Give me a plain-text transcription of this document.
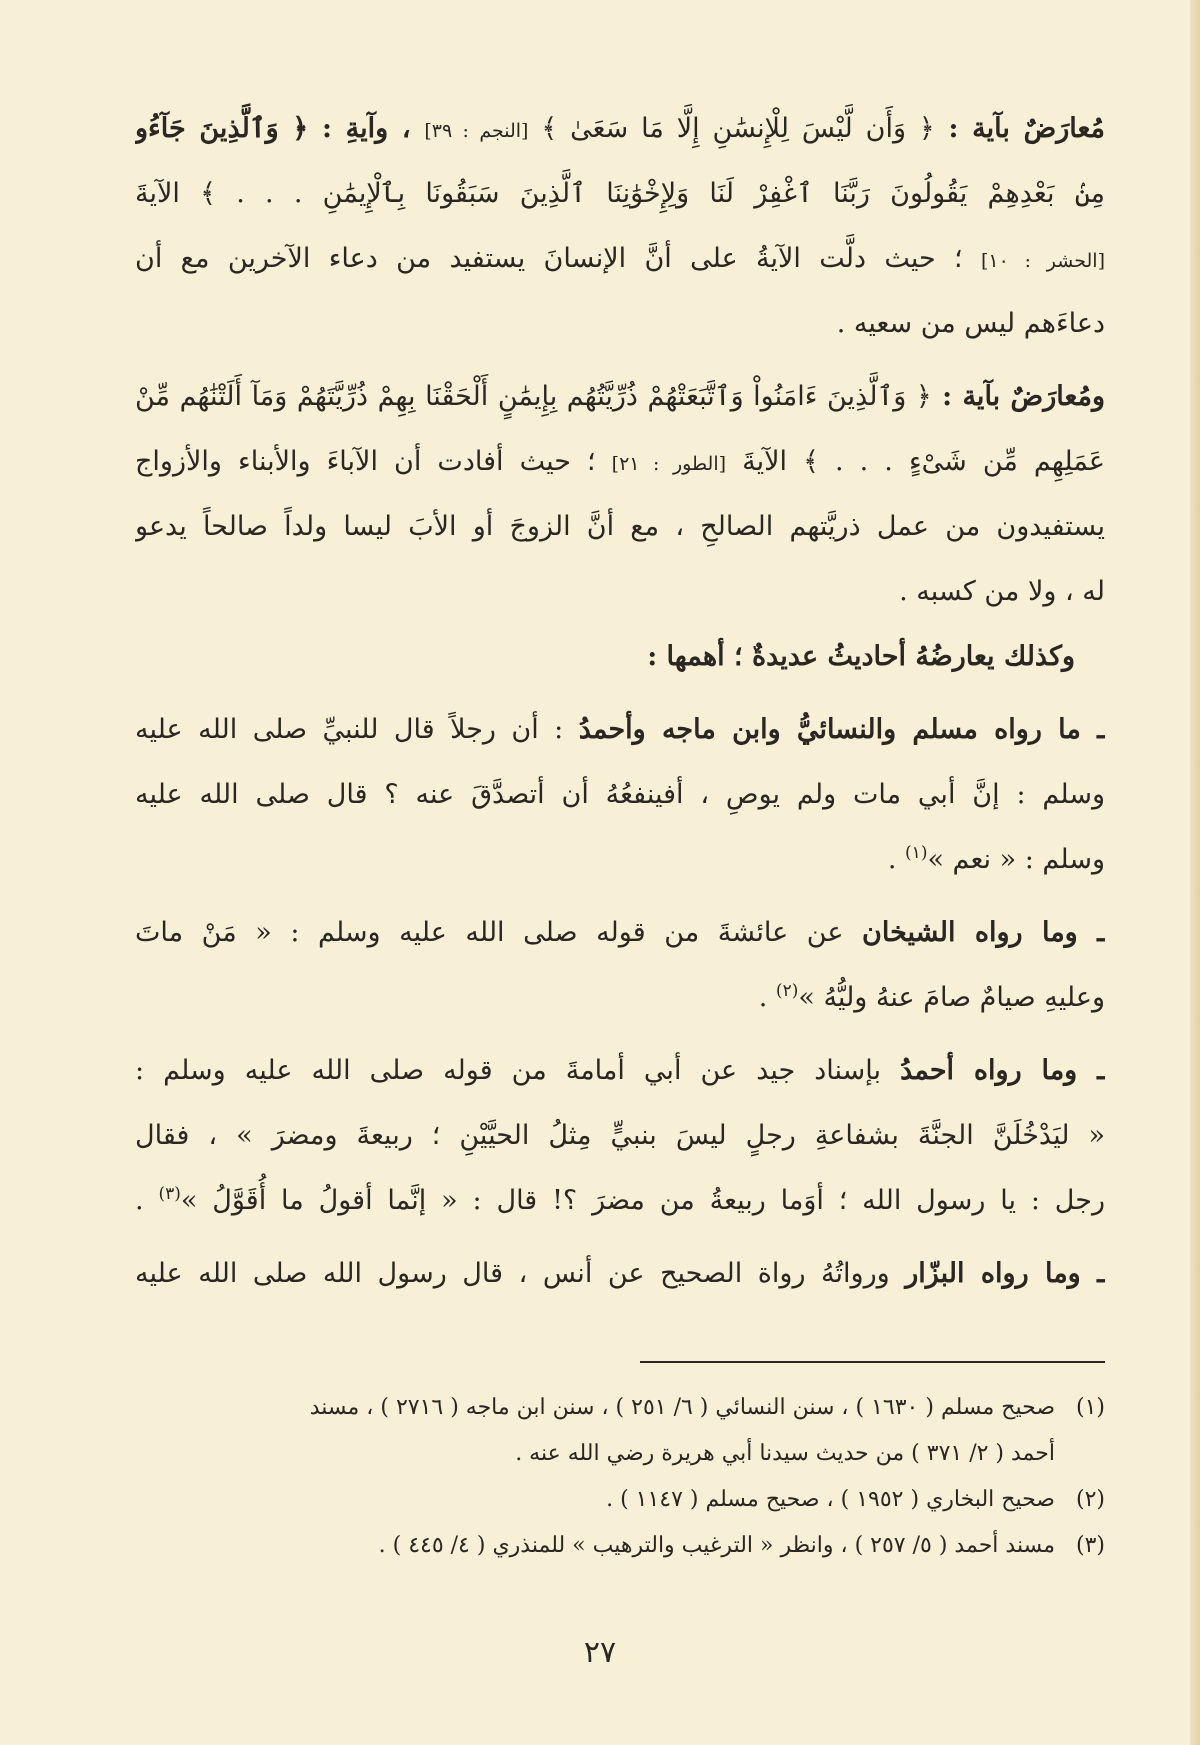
مُعارَضٌ بآية : ﴿ وَأَن لَّيْسَ لِلْإِنسَٰنِ إِلَّا مَا سَعَىٰ ﴾ [النجم : ٣٩] ، وآيةِ : ﴿ وَٱلَّذِينَ جَآءُو
مِنۢ بَعْدِهِمْ يَقُولُونَ رَبَّنَا ٱغْفِرْ لَنَا وَلِإِخْوَٰنِنَا ٱلَّذِينَ سَبَقُونَا بِٱلْإِيمَٰنِ . . . ﴾ الآيةَ
[الحشر : ١٠] ؛ حيث دلَّت الآيةُ على أنَّ الإنسانَ يستفيد من دعاء الآخرين مع أن
دعاءَهم ليس من سعيه .
ومُعارَضٌ بآية : ﴿ وَٱلَّذِينَ ءَامَنُواْ وَٱتَّبَعَتْهُمْ ذُرِّيَّتُهُم بِإِيمَٰنٍ أَلْحَقْنَا بِهِمْ ذُرِّيَّتَهُمْ وَمَآ أَلَتْنَٰهُم مِّنْ
عَمَلِهِم مِّن شَىْءٍ . . . ﴾ الآيةَ [الطور : ٢١] ؛ حيث أفادت أن الآباءَ والأبناء والأزواج
يستفيدون من عمل ذريَّتهم الصالحِ ، مع أنَّ الزوجَ أو الأبَ ليسا ولداً صالحاً يدعو
له ، ولا من كسبه .
وكذلك يعارضُهُ أحاديثُ عديدةٌ ؛ أهمها :
ـ ما رواه مسلم والنسائيُّ وابن ماجه وأحمدُ : أن رجلاً قال للنبيِّ صلى الله عليه
وسلم : إنَّ أبي مات ولم يوصِ ، أفينفعُهُ أن أتصدَّقَ عنه ؟ قال صلى الله عليه
وسلم : « نعم »$^{(١)}$ .
ـ وما رواه الشيخان عن عائشةَ من قوله صلى الله عليه وسلم : « مَنْ ماتَ
وعليهِ صيامٌ صامَ عنهُ وليُّهُ »$^{(٢)}$ .
ـ وما رواه أحمدُ بإسناد جيد عن أبي أمامةَ من قوله صلى الله عليه وسلم :
« ليَدْخُلَنَّ الجنَّةَ بشفاعةِ رجلٍ ليسَ بنبيٍّ مِثلُ الحيَّيْنِ ؛ ربيعةَ ومضرَ » ، فقال
رجل : يا رسول الله ؛ أوَما ربيعةُ من مضرَ ؟! قال : « إنَّما أقولُ ما أُقَوَّلُ »$^{(٣)}$ .
ـ وما رواه البزّار ورواتُهُ رواة الصحيح عن أنس ، قال رسول الله صلى الله عليه
(١)
صحيح مسلم ( ١٦٣٠ ) ، سنن النسائي ( ٦/ ٢٥١ ) ، سنن ابن ماجه ( ٢٧١٦ ) ، مسند
أحمد ( ٢/ ٣٧١ ) من حديث سيدنا أبي هريرة رضي الله عنه .
(٢)
صحيح البخاري ( ١٩٥٢ ) ، صحيح مسلم ( ١١٤٧ ) .
(٣)
مسند أحمد ( ٥/ ٢٥٧ ) ، وانظر « الترغيب والترهيب » للمنذري ( ٤/ ٤٤٥ ) .
٢٧
